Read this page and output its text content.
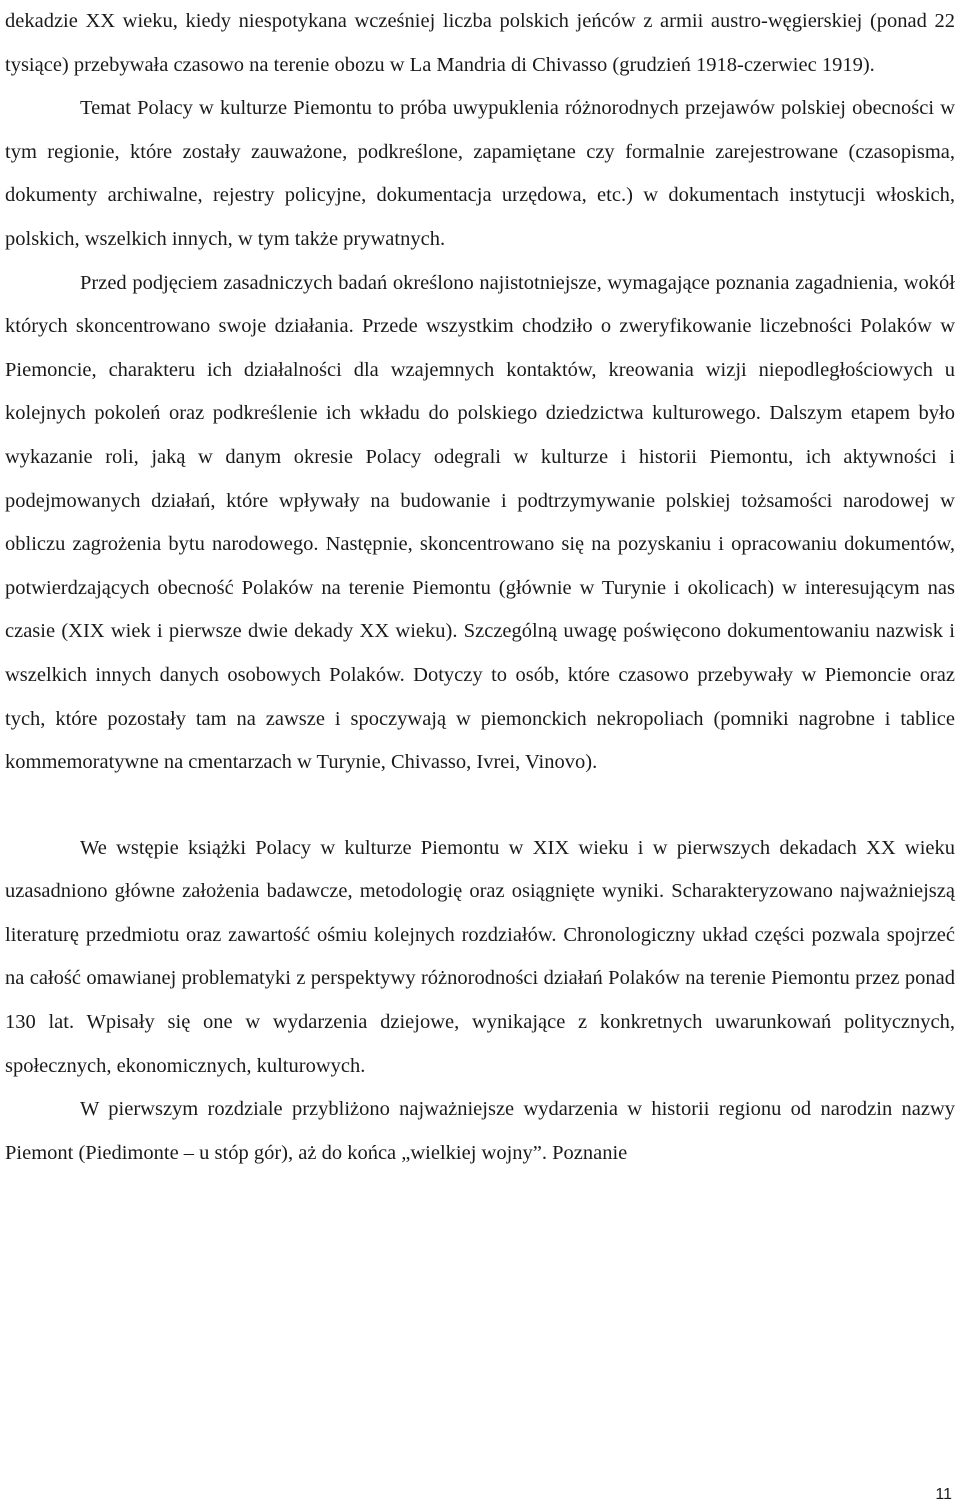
dekadzie XX wieku, kiedy niespotykana wcześniej liczba polskich jeńców z armii austro-węgierskiej (ponad 22 tysiące) przebywała czasowo na terenie obozu w La Mandria di Chivasso (grudzień 1918-czerwiec 1919).

Temat Polacy w kulturze Piemontu to próba uwypuklenia różnorodnych przejawów polskiej obecności w tym regionie, które zostały zauważone, podkreślone, zapamiętane czy formalnie zarejestrowane (czasopisma, dokumenty archiwalne, rejestry policyjne, dokumentacja urzędowa, etc.) w dokumentach instytucji włoskich, polskich, wszelkich innych, w tym także prywatnych.

Przed podjęciem zasadniczych badań określono najistotniejsze, wymagające poznania zagadnienia, wokół których skoncentrowano swoje działania. Przede wszystkim chodziło o zweryfikowanie liczebności Polaków w Piemoncie, charakteru ich działalności dla wzajemnych kontaktów, kreowania wizji niepodległościowych u kolejnych pokoleń oraz podkreślenie ich wkładu do polskiego dziedzictwa kulturowego. Dalszym etapem było wykazanie roli, jaką w danym okresie Polacy odegrali w kulturze i historii Piemontu, ich aktywności i podejmowanych działań, które wpływały na budowanie i podtrzymywanie polskiej tożsamości narodowej w obliczu zagrożenia bytu narodowego. Następnie, skoncentrowano się na pozyskaniu i opracowaniu dokumentów, potwierdzających obecność Polaków na terenie Piemontu (głównie w Turynie i okolicach) w interesującym nas czasie (XIX wiek i pierwsze dwie dekady XX wieku). Szczególną uwagę poświęcono dokumentowaniu nazwisk i wszelkich innych danych osobowych Polaków. Dotyczy to osób, które czasowo przebywały w Piemoncie oraz tych, które pozostały tam na zawsze i spoczywają w piemonckich nekropoliach (pomniki nagrobne i tablice kommemoratywne na cmentarzach w Turynie, Chivasso, Ivrei, Vinovo).

We wstępie książki Polacy w kulturze Piemontu w XIX wieku i w pierwszych dekadach XX wieku uzasadniono główne założenia badawcze, metodologię oraz osiągnięte wyniki. Scharakteryzowano najważniejszą literaturę przedmiotu oraz zawartość ośmiu kolejnych rozdziałów. Chronologiczny układ części pozwala spojrzeć na całość omawianej problematyki z perspektywy różnorodności działań Polaków na terenie Piemontu przez ponad 130 lat. Wpisały się one w wydarzenia dziejowe, wynikające z konkretnych uwarunkowań politycznych, społecznych, ekonomicznych, kulturowych.

W pierwszym rozdziale przybliżono najważniejsze wydarzenia w historii regionu od narodzin nazwy Piemont (Piedimonte – u stóp gór), aż do końca „wielkiej wojny”. Poznanie

11
